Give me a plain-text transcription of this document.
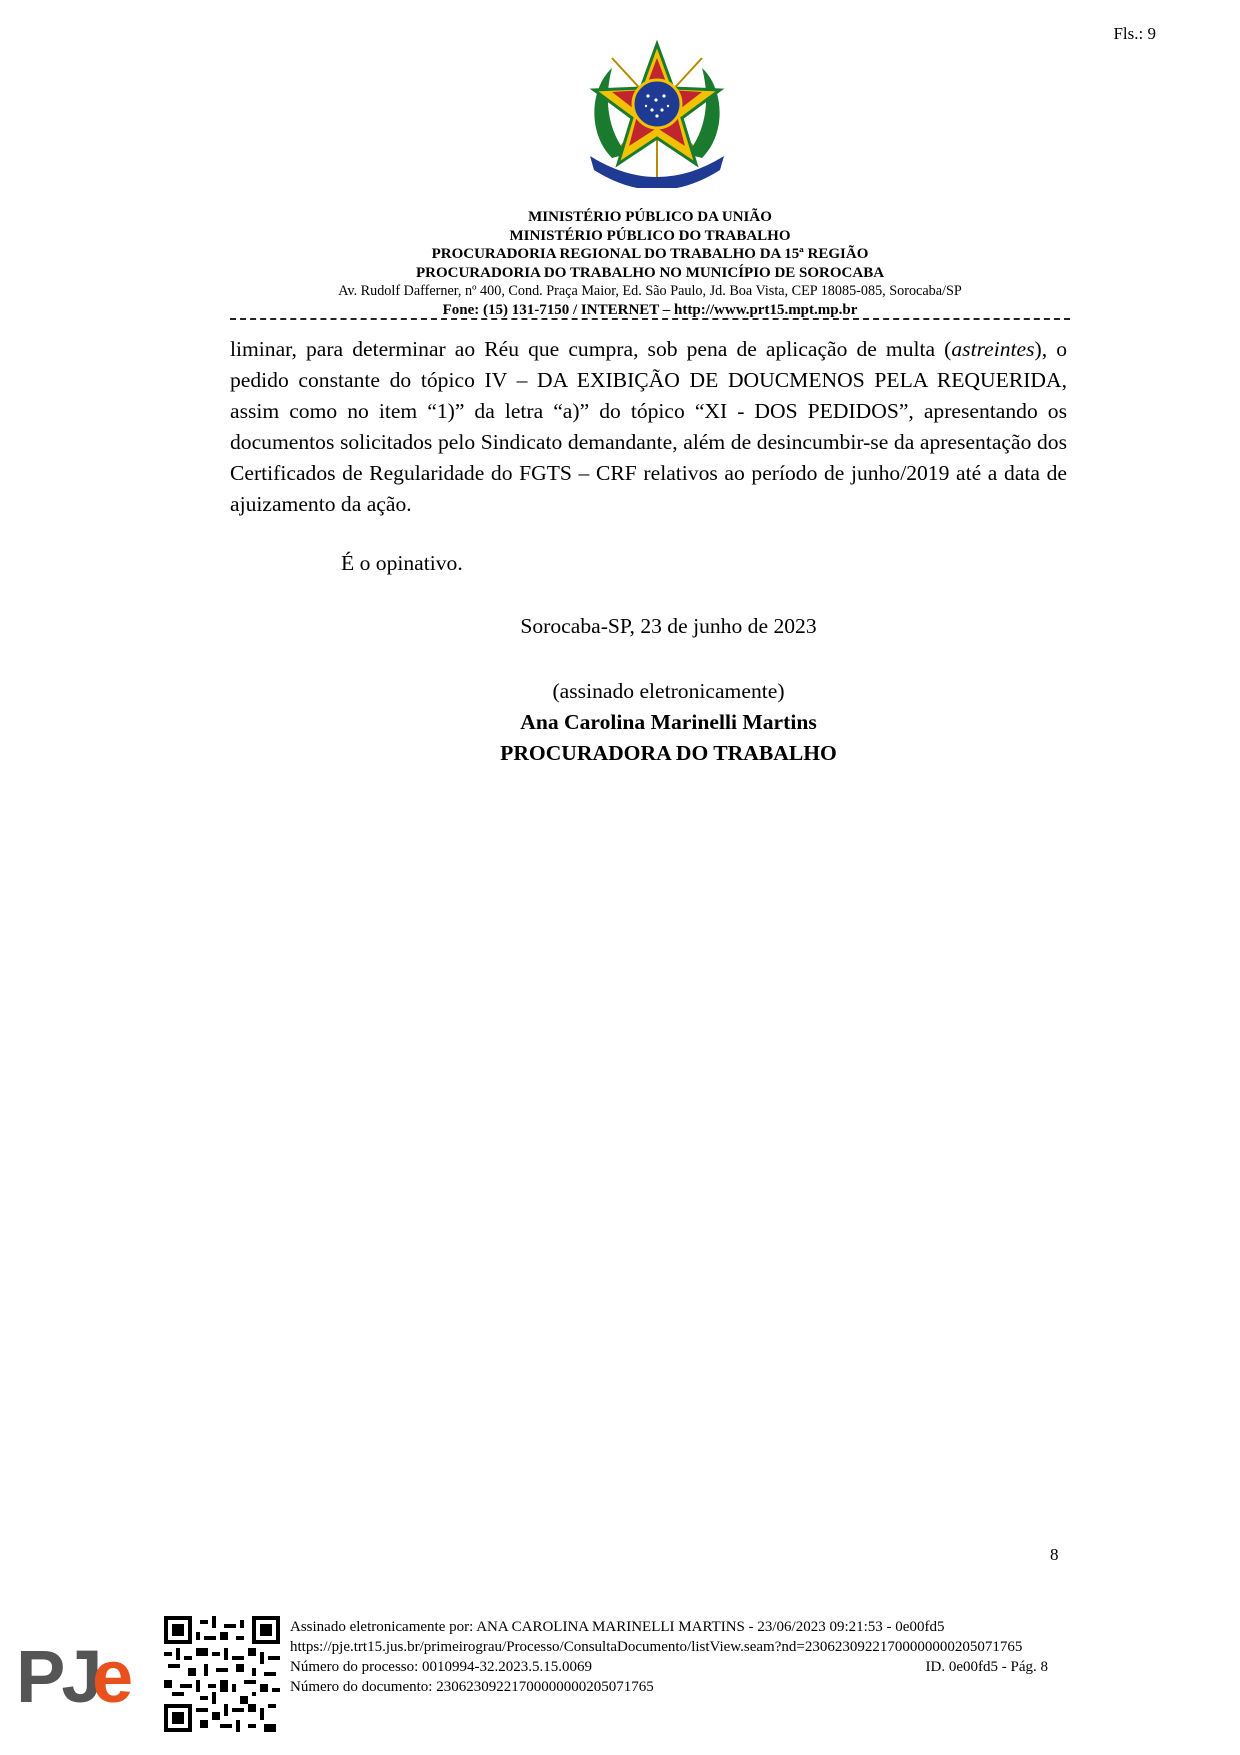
Fls.: 9
MINISTÉRIO PÚBLICO DA UNIÃO
MINISTÉRIO PÚBLICO DO TRABALHO
PROCURADORIA REGIONAL DO TRABALHO DA 15ª REGIÃO
PROCURADORIA DO TRABALHO NO MUNICÍPIO DE SOROCABA
Av. Rudolf Dafferner, nº 400, Cond. Praça Maior, Ed. São Paulo, Jd. Boa Vista, CEP 18085-085, Sorocaba/SP
Fone: (15) 131-7150 / INTERNET – http://www.prt15.mpt.mp.br
liminar, para determinar ao Réu que cumpra, sob pena de aplicação de multa (astreintes), o pedido constante do tópico IV – DA EXIBIÇÃO DE DOUCMENOS PELA REQUERIDA, assim como no item “1)” da letra “a)” do tópico “XI - DOS PEDIDOS”, apresentando os documentos solicitados pelo Sindicato demandante, além de desincumbir-se da apresentação dos Certificados de Regularidade do FGTS – CRF relativos ao período de junho/2019 até a data de ajuizamento da ação.
É o opinativo.
Sorocaba-SP, 23 de junho de 2023
(assinado eletronicamente)
Ana Carolina Marinelli Martins
PROCURADORA DO TRABALHO
8
PJ
e
Assinado eletronicamente por: ANA CAROLINA MARINELLI MARTINS - 23/06/2023 09:21:53 - 0e00fd5
https://pje.trt15.jus.br/primeirograu/Processo/ConsultaDocumento/listView.seam?nd=23062309221700000000205071765
Número do processo: 0010994-32.2023.5.15.0069	ID. 0e00fd5 - Pág. 8
Número do documento: 23062309221700000000205071765
